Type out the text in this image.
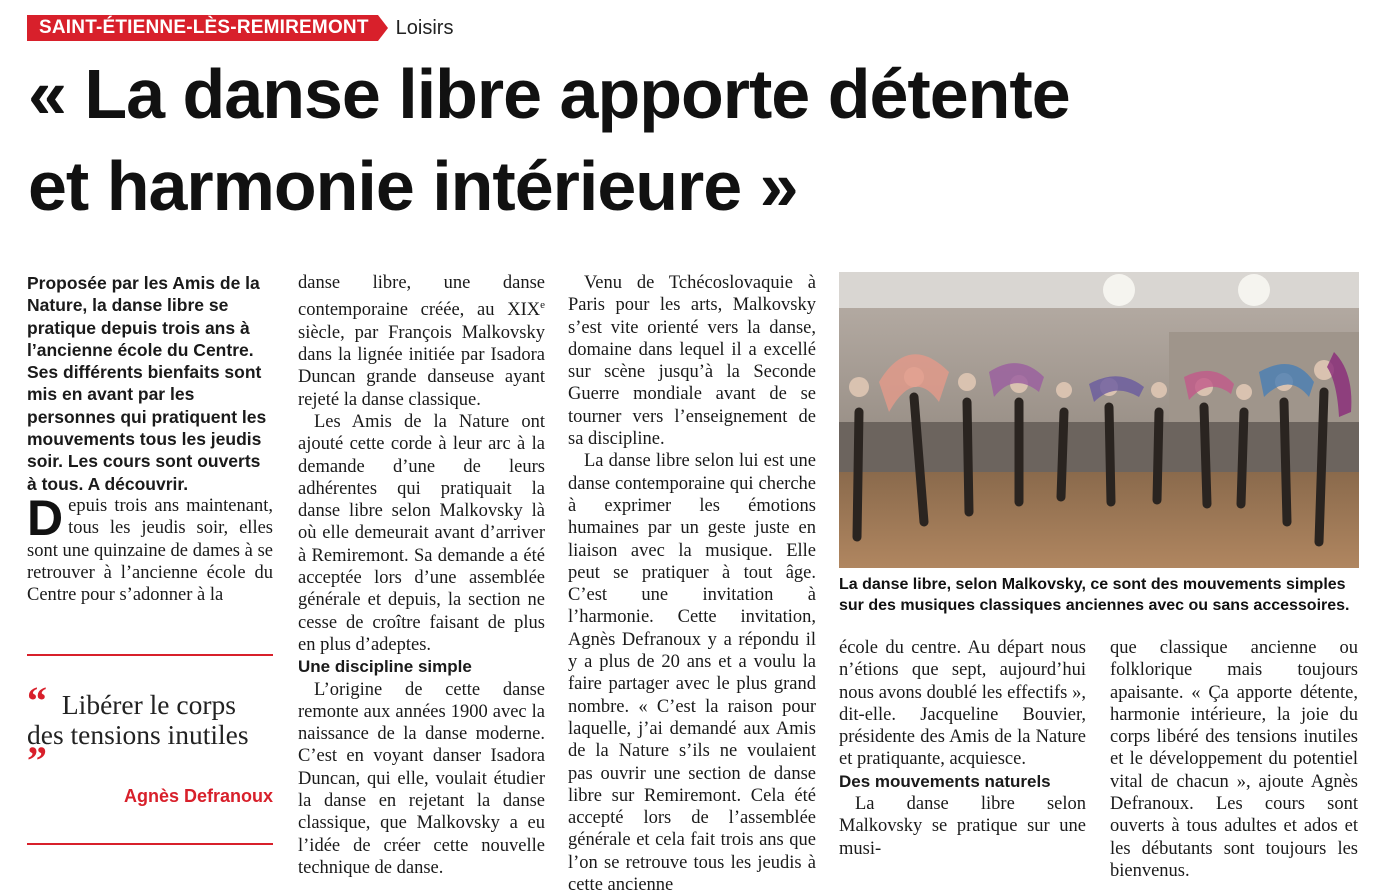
SAINT-ÉTIENNE-LÈS-REMIREMONT	Loisirs
« La danse libre apporte détente
et harmonie intérieure »

Proposée par les Amis de la Nature, la danse libre se pratique depuis trois ans à l’ancienne école du Centre. Ses différents bienfaits sont mis en avant par les personnes qui pratiquent les mouvements tous les jeudis soir. Les cours sont ouverts à tous. A découvrir.

Depuis trois ans maintenant, tous les jeudis soir, elles sont une quinzaine de dames à se retrouver à l’ancienne école du Centre pour s’adonner à la

“ Libérer le corps des tensions inutiles ”
Agnès Defranoux

danse libre, une danse contemporaine créée, au XIXe siècle, par François Malkovsky dans la lignée initiée par Isadora Duncan grande danseuse ayant rejeté la danse classique.

Les Amis de la Nature ont ajouté cette corde à leur arc à la demande d’une de leurs adhérentes qui pratiquait la danse libre selon Malkovsky là où elle demeurait avant d’arriver à Remiremont. Sa demande a été acceptée lors d’une assemblée générale et depuis, la section ne cesse de croître faisant de plus en plus d’adeptes.

Une discipline simple

L’origine de cette danse remonte aux années 1900 avec la naissance de la danse moderne. C’est en voyant danser Isadora Duncan, qui elle, voulait étudier la danse en rejetant la danse classique, que Malkovsky a eu l’idée de créer cette nouvelle technique de danse.

Venu de Tchécoslovaquie à Paris pour les arts, Malkovsky s’est vite orienté vers la danse, domaine dans lequel il a excellé sur scène jusqu’à la Seconde Guerre mondiale avant de se tourner vers l’enseignement de sa discipline.

La danse libre selon lui est une danse contemporaine qui cherche à exprimer les émotions humaines par un geste juste en liaison avec la musique. Elle peut se pratiquer à tout âge. C’est une invitation à l’harmonie. Cette invitation, Agnès Defranoux y a répondu il y a plus de 20 ans et a voulu la faire partager avec le plus grand nombre. « C’est la raison pour laquelle, j’ai demandé aux Amis de la Nature s’ils ne voulaient pas ouvrir une section de danse libre sur Remiremont. Cela été accepté lors de l’assemblée générale et cela fait trois ans que l’on se retrouve tous les jeudis à cette ancienne

La danse libre, selon Malkovsky, ce sont des mouvements simples sur des musiques classiques anciennes avec ou sans accessoires.

école du centre. Au départ nous n’étions que sept, aujourd’hui nous avons doublé les effectifs », dit-elle. Jacqueline Bouvier, présidente des Amis de la Nature et pratiquante, acquiesce.

Des mouvements naturels

La danse libre selon Malkovsky se pratique sur une musi-

que classique ancienne ou folklorique mais toujours apaisante. « Ça apporte détente, harmonie intérieure, la joie du corps libéré des tensions inutiles et le développement du potentiel vital de chacun », ajoute Agnès Defranoux. Les cours sont ouverts à tous adultes et ados et les débutants sont toujours les bienvenus.
